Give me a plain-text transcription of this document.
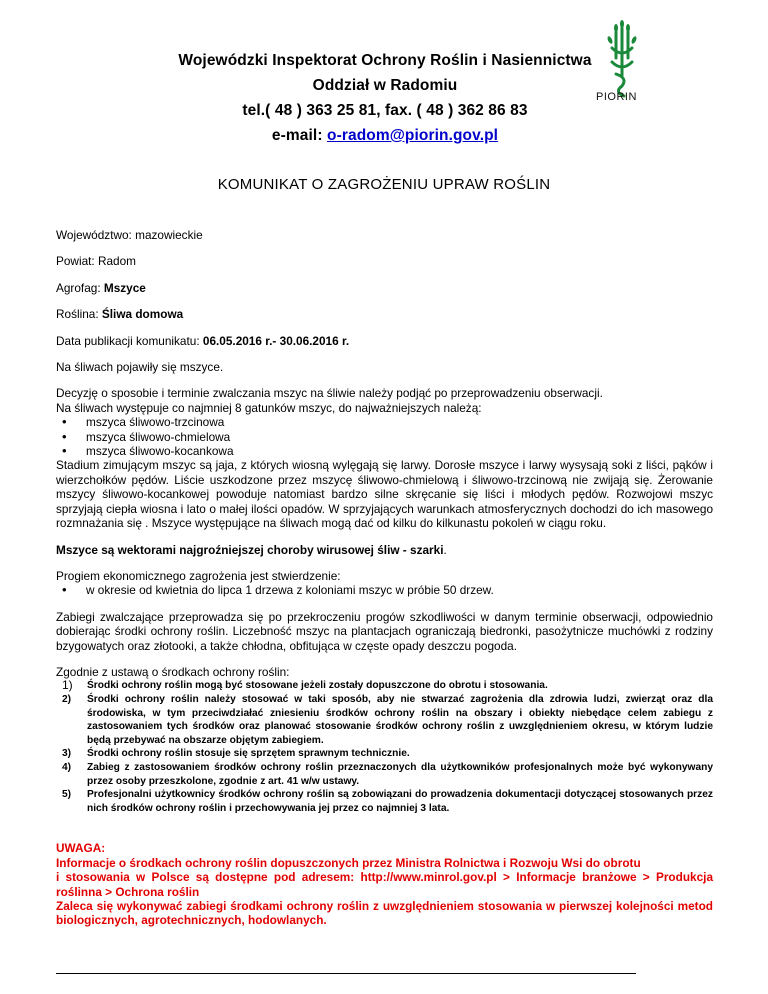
Wojewódzki Inspektorat Ochrony Roślin i Nasiennictwa
Oddział w Radomiu
tel.( 48 ) 363 25 81, fax. ( 48 ) 362 86 83
e-mail: o-radom@piorin.gov.pl
PIORIN
KOMUNIKAT O ZAGROŻENIU UPRAW ROŚLIN

Województwo: mazowieckie

Powiat: Radom

Agrofag: Mszyce

Roślina: Śliwa domowa

Data publikacji komunikatu: 06.05.2016 r.- 30.06.2016 r.

Na śliwach pojawiły się mszyce.

Decyzję o sposobie i terminie zwalczania mszyc na śliwie należy podjąć po przeprowadzeniu obserwacji.

Na śliwach występuje co najmniej 8 gatunków mszyc, do najważniejszych należą:

• mszyca śliwowo-trzcinowa
• mszyca śliwowo-chmielowa
• mszyca śliwowo-kocankowa

Stadium zimującym mszyc są jaja, z których wiosną wylęgają się larwy. Dorosłe mszyce i larwy wysysają soki z liści, pąków i wierzchołków pędów. Liście uszkodzone przez mszycę śliwowo-chmielową i śliwowo-trzcinową nie zwijają się. Żerowanie mszycy śliwowo-kocankowej powoduje natomiast bardzo silne skręcanie się liści i młodych pędów. Rozwojowi mszyc sprzyjają ciepła wiosna i lato o małej ilości opadów. W sprzyjających warunkach atmosferycznych dochodzi do ich masowego rozmnażania się . Mszyce występujące na śliwach mogą dać od kilku do kilkunastu pokoleń w ciągu roku.

Mszyce są wektorami najgroźniejszej choroby wirusowej śliw - szarki.

Progiem ekonomicznego zagrożenia jest stwierdzenie:

• w okresie od kwietnia do lipca 1 drzewa z koloniami mszyc w próbie 50 drzew.

Zabiegi zwalczające przeprowadza się po przekroczeniu progów szkodliwości w danym terminie obserwacji, odpowiednio dobierając środki ochrony roślin. Liczebność mszyc na plantacjach ograniczają biedronki, pasożytnicze muchówki z rodziny bzygowatych oraz złotooki, a także chłodna, obfitująca w częste opady deszczu pogoda.

Zgodnie z ustawą o środkach ochrony roślin:

1) Środki ochrony roślin mogą być stosowane jeżeli zostały dopuszczone do obrotu i stosowania.
2) Środki ochrony roślin należy stosować w taki sposób, aby nie stwarzać zagrożenia dla zdrowia ludzi, zwierząt oraz dla środowiska, w tym przeciwdziałać zniesieniu środków ochrony roślin na obszary i obiekty niebędące celem zabiegu z zastosowaniem tych środków oraz planować stosowanie środków ochrony roślin z uwzględnieniem okresu, w którym ludzie będą przebywać na obszarze objętym zabiegiem.
3) Środki ochrony roślin stosuje się sprzętem sprawnym technicznie.
4) Zabieg z zastosowaniem środków ochrony roślin przeznaczonych dla użytkowników profesjonalnych może być wykonywany przez osoby przeszkolone, zgodnie z art. 41 w/w ustawy.
5) Profesjonalni użytkownicy środków ochrony roślin są zobowiązani do prowadzenia dokumentacji dotyczącej stosowanych przez nich środków ochrony roślin i przechowywania jej przez co najmniej 3 lata.
UWAGA:
Informacje o środkach ochrony roślin dopuszczonych przez Ministra Rolnictwa i Rozwoju Wsi do obrotu
i stosowania w Polsce są dostępne pod adresem: http://www.minrol.gov.pl > Informacje branżowe > Produkcja roślinna > Ochrona roślin
Zaleca się wykonywać zabiegi środkami ochrony roślin z uwzględnieniem stosowania w pierwszej kolejności metod biologicznych, agrotechnicznych, hodowlanych.
